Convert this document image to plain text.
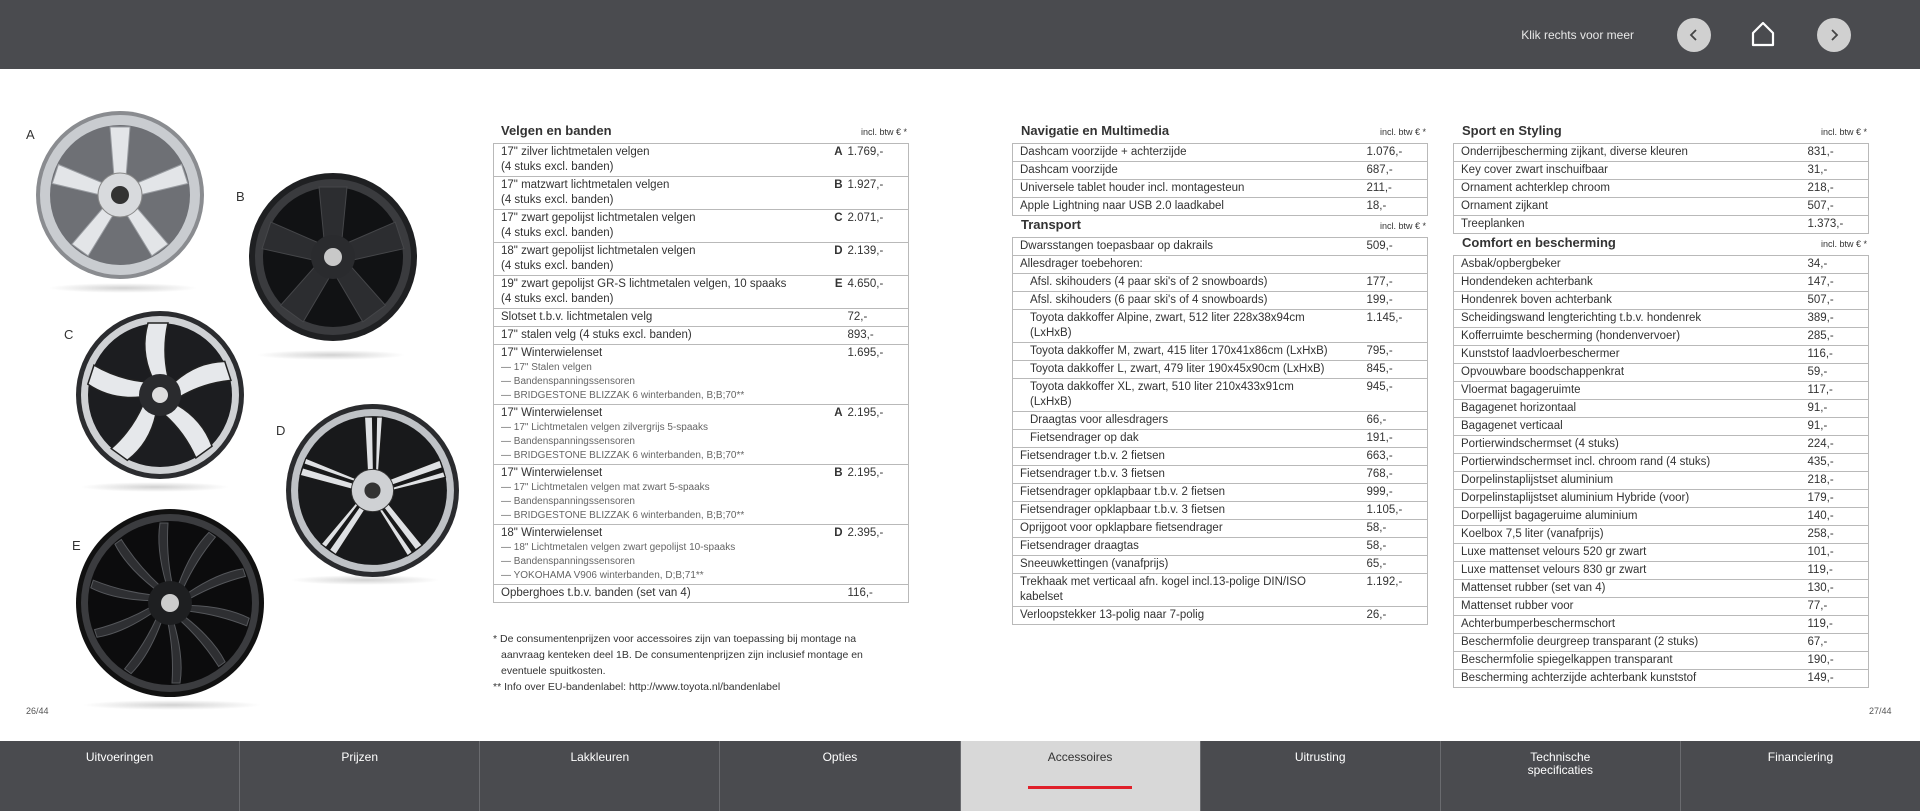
Klik rechts voor meer
A
B
C
D
E
26/44	27/44
Velgen en banden	incl. btw € *
17" zilver lichtmetalen velgen
(4 stuks excl. banden)	A	1.769,-

17" matzwart lichtmetalen velgen
(4 stuks excl. banden)	B	1.927,-

17" zwart gepolijst lichtmetalen velgen
(4 stuks excl. banden)	C	2.071,-

18" zwart gepolijst lichtmetalen velgen
(4 stuks excl. banden)	D	2.139,-

19" zwart gepolijst GR-S lichtmetalen velgen, 10 spaaks
(4 stuks excl. banden)	E	4.650,-

Slotset t.b.v. lichtmetalen velg		72,-

17" stalen velg (4 stuks excl. banden)		893,-

17" Winterwielenset
— 17" Stalen velgen
— Bandenspanningssensoren
— BRIDGESTONE BLIZZAK 6 winterbanden, B;B;70**		1.695,-

17" Winterwielenset
— 17" Lichtmetalen velgen zilvergrijs 5-spaaks
— Bandenspanningssensoren
— BRIDGESTONE BLIZZAK 6 winterbanden, B;B;70**	A	2.195,-

17" Winterwielenset
— 17" Lichtmetalen velgen mat zwart 5-spaaks
— Bandenspanningssensoren
— BRIDGESTONE BLIZZAK 6 winterbanden, B;B;70**	B	2.195,-

18" Winterwielenset
— 18" Lichtmetalen velgen zwart gepolijst 10-spaaks
— Bandenspanningssensoren
— YOKOHAMA V906 winterbanden, D;B;71**	D	2.395,-

Opberghoes t.b.v. banden (set van 4)		116,-
* De consumentenprijzen voor accessoires zijn van toepassing bij montage na
aanvraag kenteken deel 1B. De consumentenprijzen zijn inclusief montage en
eventuele spuitkosten.
** Info over EU-bandenlabel: http://www.toyota.nl/bandenlabel
Navigatie en Multimedia	incl. btw € *
Dashcam voorzijde + achterzijde	1.076,-

Dashcam voorzijde	687,-

Universele tablet houder incl. montagesteun	211,-

Apple Lightning naar USB 2.0 laadkabel	18,-
Transport	incl. btw € *
Dwarsstangen toepasbaar op dakrails	509,-

Allesdrager toebehoren:	

Afsl. skihouders (4 paar ski's of 2 snowboards)	177,-

Afsl. skihouders (6 paar ski's of 4 snowboards)	199,-

Toyota dakkoffer Alpine, zwart, 512 liter 228x38x94cm
(LxHxB)	1.145,-

Toyota dakkoffer M, zwart, 415 liter 170x41x86cm (LxHxB)	795,-

Toyota dakkoffer L, zwart, 479 liter 190x45x90cm (LxHxB)	845,-

Toyota dakkoffer XL, zwart, 510 liter 210x433x91cm
(LxHxB)	945,-

Draagtas voor allesdragers	66,-

Fietsendrager op dak	191,-

Fietsendrager t.b.v. 2 fietsen	663,-

Fietsendrager t.b.v. 3 fietsen	768,-

Fietsendrager opklapbaar t.b.v. 2 fietsen	999,-

Fietsendrager opklapbaar t.b.v. 3 fietsen	1.105,-

Oprijgoot voor opklapbare fietsendrager	58,-

Fietsendrager draagtas	58,-

Sneeuwkettingen (vanafprijs)	65,-

Trekhaak met verticaal afn. kogel incl.13-polige DIN/ISO
kabelset	1.192,-

Verloopstekker 13-polig naar 7-polig	26,-
Sport en Styling	incl. btw € *
Onderrijbescherming zijkant, diverse kleuren	831,-

Key cover zwart inschuifbaar	31,-

Ornament achterklep chroom	218,-

Ornament zijkant	507,-

Treeplanken	1.373,-
Comfort en bescherming	incl. btw € *
Asbak/opbergbeker	34,-

Hondendeken achterbank	147,-

Hondenrek boven achterbank	507,-

Scheidingswand lengterichting t.b.v. hondenrek	389,-

Kofferruimte bescherming (hondenvervoer)	285,-

Kunststof laadvloerbeschermer	116,-

Opvouwbare boodschappenkrat	59,-

Vloermat bagageruimte	117,-

Bagagenet horizontaal	91,-

Bagagenet verticaal	91,-

Portierwindschermset (4 stuks)	224,-

Portierwindschermset incl. chroom rand (4 stuks)	435,-

Dorpelinstaplijstset aluminium	218,-

Dorpelinstaplijstset aluminium Hybride (voor)	179,-

Dorpellijst bagageruime aluminium	140,-

Koelbox 7,5 liter (vanafprijs)	258,-

Luxe mattenset velours 520 gr zwart	101,-

Luxe mattenset velours 830 gr zwart	119,-

Mattenset rubber (set van 4)	130,-

Mattenset rubber voor	77,-

Achterbumperbeschermschort	119,-

Beschermfolie deurgreep transparant (2 stuks)	67,-

Beschermfolie spiegelkappen transparant	190,-

Bescherming achterzijde achterbank kunststof	149,-
Uitvoeringen	Prijzen	Lakkleuren	Opties	Accessoires	Uitrusting	Technische
specificaties
Financiering
